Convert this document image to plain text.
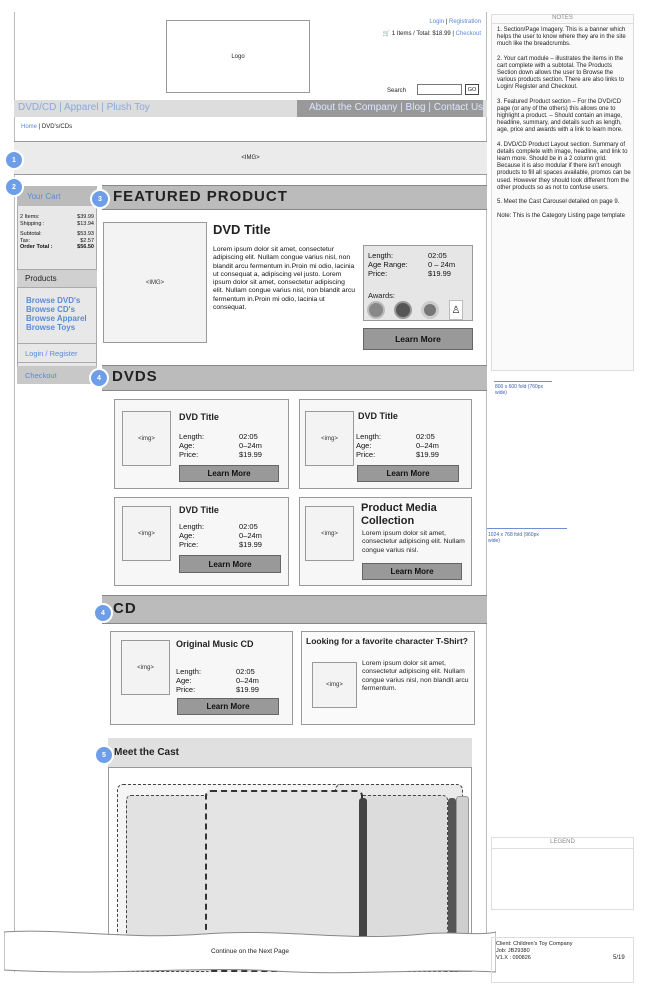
Logo
Login | Registration
🛒 1 Items / Total: $18.99 | Checkout
Search	GO
DVD/CD | Apparel | Plush Toy	About the Company | Blog | Contact Us
Home | DVD's/CDs
<IMG>
Your Cart
2 Items:	$39.99
Shipping :	$13.94
Subtotal:	$53.93
Tax:	$2.57
Order Total :	$56.50
Products
Browse DVD's
Browse CD's
Browse Apparel
Browse Toys
Login / Register
Checkout
FEATURED PRODUCT
<IMG>
DVD Title
Lorem ipsum dolor sit amet, consectetur adipiscing elit. Nullam congue varius nisl, non blandit arcu fermentum in.Proin mi odio, lacinia ut consequat a, adipiscing vel justo. Lorem ipsum dolor sit amet, consectetur adipiscing elit. Nullam congue varius nisl, non blandit arcu fermentum in.Proin mi odio, lacinia ut consequat.
Length:	02:05
Age Range:	0 – 24m
Price:	$19.99
Awards:
♙
Learn More
DVDS
<img>
DVD Title
Length:	02:05
Age:	0–24m
Price:	$19.99
Learn More
<img>
DVD Title
Length:	02:05
Age:	0–24m
Price:	$19.99
Learn More
<img>
DVD Title
Length:	02:05
Age:	0–24m
Price:	$19.99
Learn More
<img>
Product Media Collection
Lorem ipsum dolor sit amet, consectetur adipiscing elit. Nullam congue varius nisl.
Learn More
CD
<img>
Original Music CD
Length:	02:05
Age:	0–24m
Price:	$19.99
Learn More
Looking for a favorite character T-Shirt?
<img>
Lorem ipsum dolor sit amet, consectetur adipiscing elit. Nullam congue varius nisl, non blandit arcu fermentum.
Meet the Cast
Continue on the Next Page
1
2
3
4
4
5
NOTES
1. Section/Page Imagery. This is a banner which helps the user to know where they are in the site much like the breadcrumbs.
2. Your cart module – illustrates the items in the cart complete with a subtotal. The Products Section down allows the user to Browse the various products section. There are also links to Login/ Register and Checkout.
3. Featured Product section – For the DVD/CD page (or any of the others) this allows one to highlight a product. – Should contain an image, headline, summary, and details such as length, age, price and awards with a link to learn more.
4. DVD/CD Product Layout section. Summary of details complete with image, headline, and link to learn more. Should be in a 2 column grid. Because it is also modular if there isn't enough products to fill all spaces available, promos can be used. However they should look different from the other products so as not to confuse users.
5. Meet the Cast Carousel detailed on page 9.
Note: This is the Category Listing page template
800 x 600 fold (760px wide)
1024 x 768 fold (960px wide)
LEGEND
Client: Children's Toy Company
Job: JB29380
V1.X : 090826	5/19
